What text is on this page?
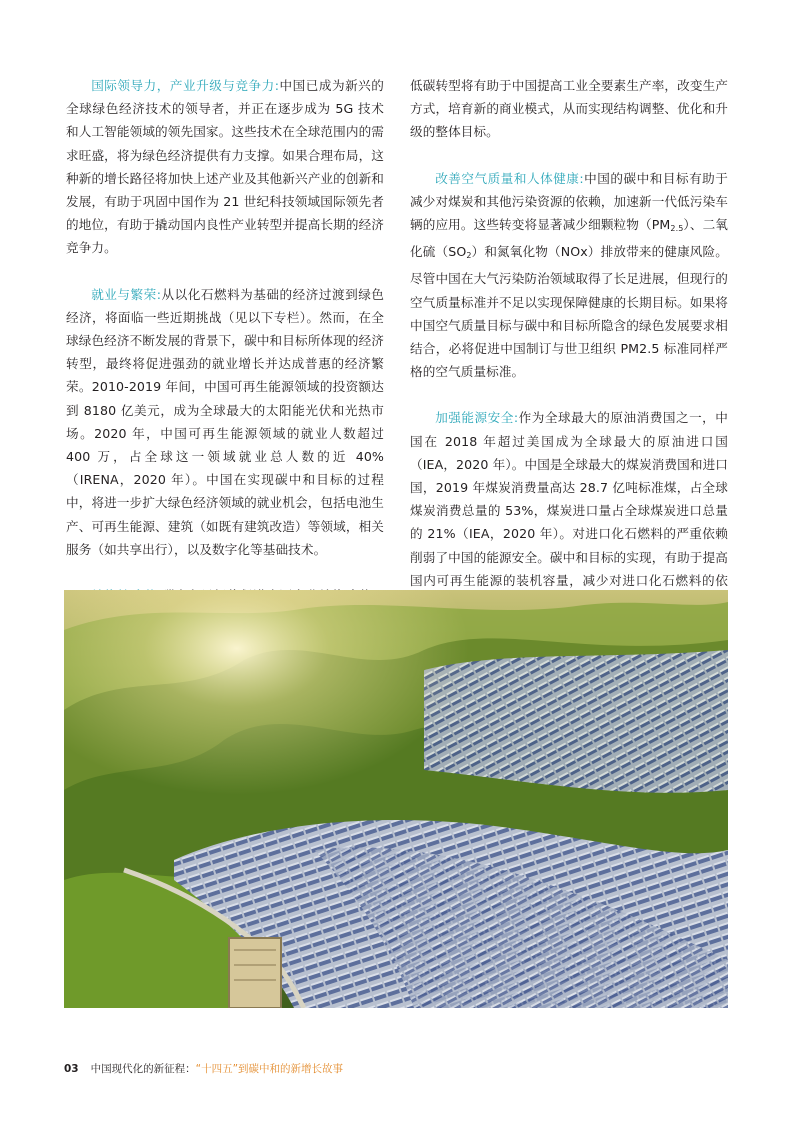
国际领导力，产业升级与竞争力:中国已成为新兴的全球绿色经济技术的领导者，并正在逐步成为 5G 技术和人工智能领域的领先国家。这些技术在全球范围内的需求旺盛，将为绿色经济提供有力支撑。如果合理布局，这种新的增长路径将加快上述产业及其他新兴产业的创新和发展，有助于巩固中国作为 21 世纪科技领域国际领先者的地位，有助于撬动国内良性产业转型并提高长期的经济竞争力。

就业与繁荣:从以化石燃料为基础的经济过渡到绿色经济，将面临一些近期挑战（见以下专栏）。然而，在全球绿色经济不断发展的背景下，碳中和目标所体现的经济转型，最终将促进强劲的就业增长并达成普惠的经济繁荣。2010-2019 年间，中国可再生能源领域的投资额达到 8180 亿美元，成为全球最大的太阳能光伏和光热市场。2020 年，中国可再生能源领域的就业人数超过 400 万，占全球这一领域就业总人数的近 40%（IRENA，2020 年）。中国在实现碳中和目标的过程中，将进一步扩大绿色经济领域的就业机会，包括电池生产、可再生能源、建筑（如既有建筑改造）等领域，相关服务（如共享出行），以及数字化等基础技术。

低碳转型将有助于中国提高工业全要素生产率，改变生产方式，培育新的商业模式，从而实现结构调整、优化和升级的整体目标。

改善空气质量和人体健康:中国的碳中和目标有助于减少对煤炭和其他污染资源的依赖，加速新一代低污染车辆的应用。这些转变将显著减少细颗粒物$(PM_{2.5})$、二氧化硫$(SO_2)$和氮氧化物（NOx）排放带来的健康风险。尽管中国在大气污染防治领域取得了长足进展，但现行的空气质量标准并不足以实现保障健康的长期目标。如果将中国空气质量目标与碳中和目标所隐含的绿色发展要求相结合，必将促进中国制订与世卫组织 PM2.5 标准同样严格的空气质量标准。

加强能源安全:作为全球最大的原油消费国之一，中国在 2018 年超过美国成为全球最大的原油进口国（IEA，2020 年）。中国是全球最大的煤炭消费国和进口国，2019 年煤炭消费量高达 28.7 亿吨标准煤，占全球煤炭消费总量的 53%，煤炭进口量占全球煤炭进口总量的 21%（IEA，2020 年）。对进口化石燃料的严重依赖削弱了中国的能源安全。碳中和目标的实现，有助于提高国内可再生能源的装机容量，减少对进口化石燃料的依

03 中国现代化的新征程：“十四五”到碳中和的新增长故事
